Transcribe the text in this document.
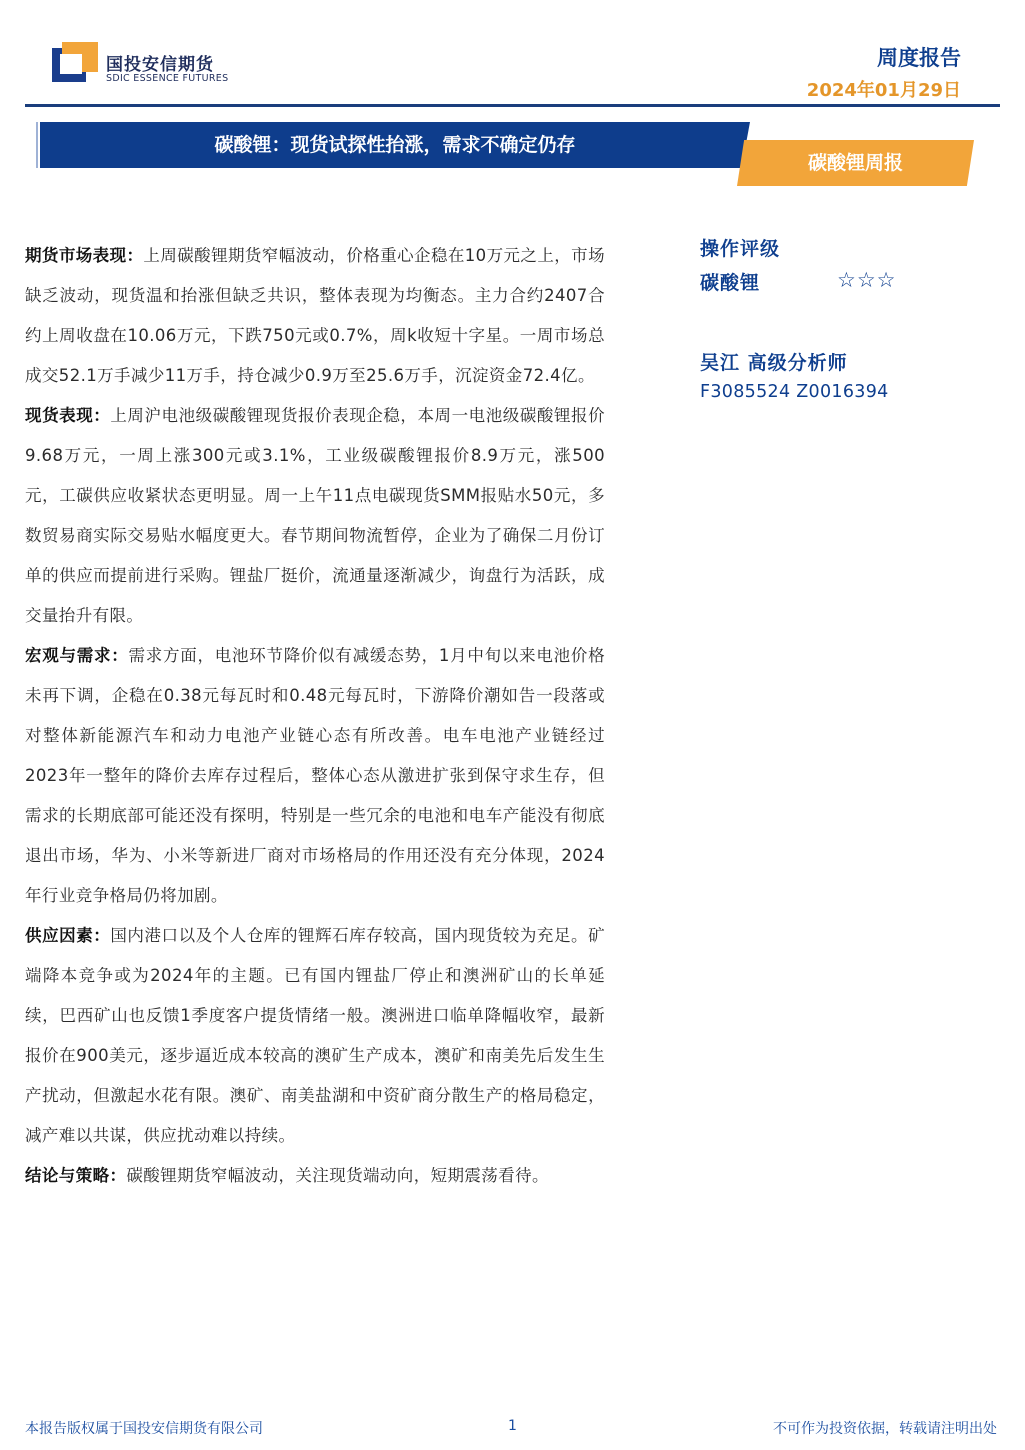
国投安信期货
SDIC ESSENCE FUTURES
周度报告
2024年01月29日
碳酸锂：现货试探性抬涨，需求不确定仍存
碳酸锂周报

期货市场表现：上周碳酸锂期货窄幅波动，价格重心企稳在10万元之上，市场缺乏波动，现货温和抬涨但缺乏共识，整体表现为均衡态。主力合约2407合约上周收盘在10.06万元，下跌750元或0.7%，周k收短十字星。一周市场总成交52.1万手减少11万手，持仓减少0.9万至25.6万手，沉淀资金72.4亿。

现货表现：上周沪电池级碳酸锂现货报价表现企稳，本周一电池级碳酸锂报价9.68万元，一周上涨300元或3.1%，工业级碳酸锂报价8.9万元，涨500元，工碳供应收紧状态更明显。周一上午11点电碳现货SMM报贴水50元，多数贸易商实际交易贴水幅度更大。春节期间物流暂停，企业为了确保二月份订单的供应而提前进行采购。锂盐厂挺价，流通量逐渐减少，询盘行为活跃，成交量抬升有限。

宏观与需求：需求方面，电池环节降价似有减缓态势，1月中旬以来电池价格未再下调，企稳在0.38元每瓦时和0.48元每瓦时，下游降价潮如告一段落或对整体新能源汽车和动力电池产业链心态有所改善。电车电池产业链经过2023年一整年的降价去库存过程后，整体心态从激进扩张到保守求生存，但需求的长期底部可能还没有探明，特别是一些冗余的电池和电车产能没有彻底退出市场，华为、小米等新进厂商对市场格局的作用还没有充分体现，2024年行业竞争格局仍将加剧。

供应因素：国内港口以及个人仓库的锂辉石库存较高，国内现货较为充足。矿端降本竞争或为2024年的主题。已有国内锂盐厂停止和澳洲矿山的长单延续，巴西矿山也反馈1季度客户提货情绪一般。澳洲进口临单降幅收窄，最新报价在900美元，逐步逼近成本较高的澳矿生产成本，澳矿和南美先后发生生产扰动，但激起水花有限。澳矿、南美盐湖和中资矿商分散生产的格局稳定，减产难以共谋，供应扰动难以持续。

结论与策略：碳酸锂期货窄幅波动，关注现货端动向，短期震荡看待。

操作评级
碳酸锂	☆☆☆
吴江 高级分析师
F3085524 Z0016394
本报告版权属于国投安信期货有限公司	1	不可作为投资依据，转载请注明出处
